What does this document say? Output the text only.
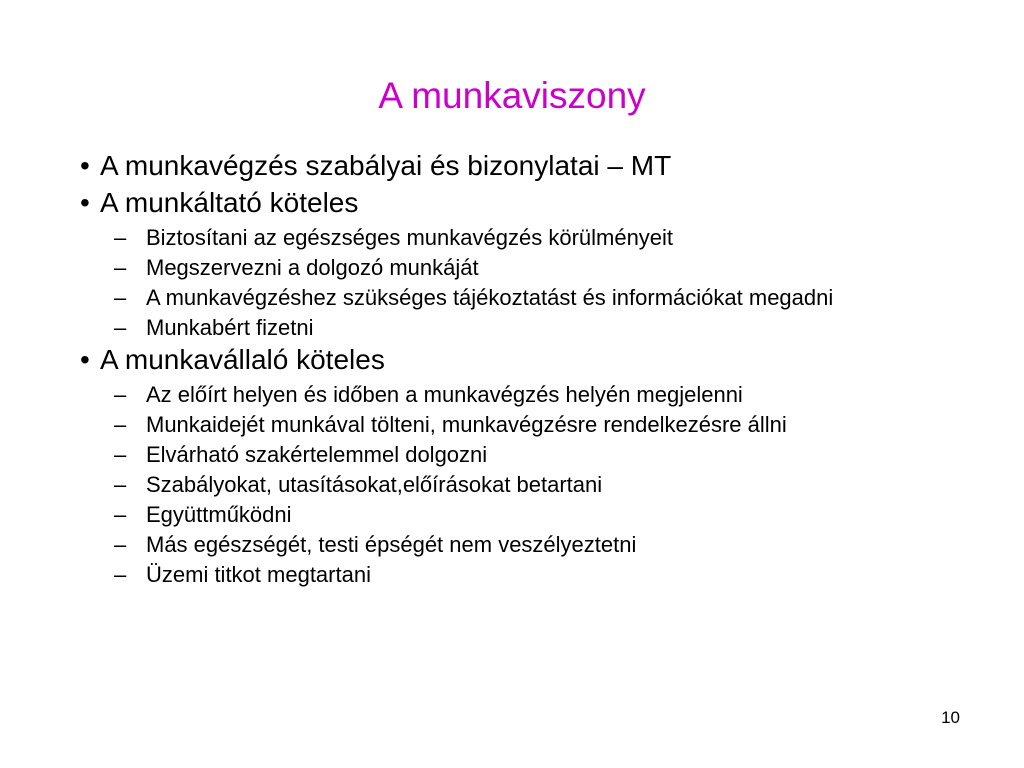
A munkaviszony
• A munkavégzés szabályai és bizonylatai – MT
• A munkáltató köteles
– Biztosítani az egészséges munkavégzés körülményeit
– Megszervezni a dolgozó munkáját
– A munkavégzéshez szükséges tájékoztatást és információkat megadni
– Munkabért fizetni
• A munkavállaló köteles
– Az előírt helyen és időben a munkavégzés helyén megjelenni
– Munkaidejét munkával tölteni, munkavégzésre rendelkezésre állni
– Elvárható szakértelemmel dolgozni
– Szabályokat, utasításokat,előírásokat betartani
– Együttműködni
– Más egészségét, testi épségét nem veszélyeztetni
– Üzemi titkot megtartani
10
